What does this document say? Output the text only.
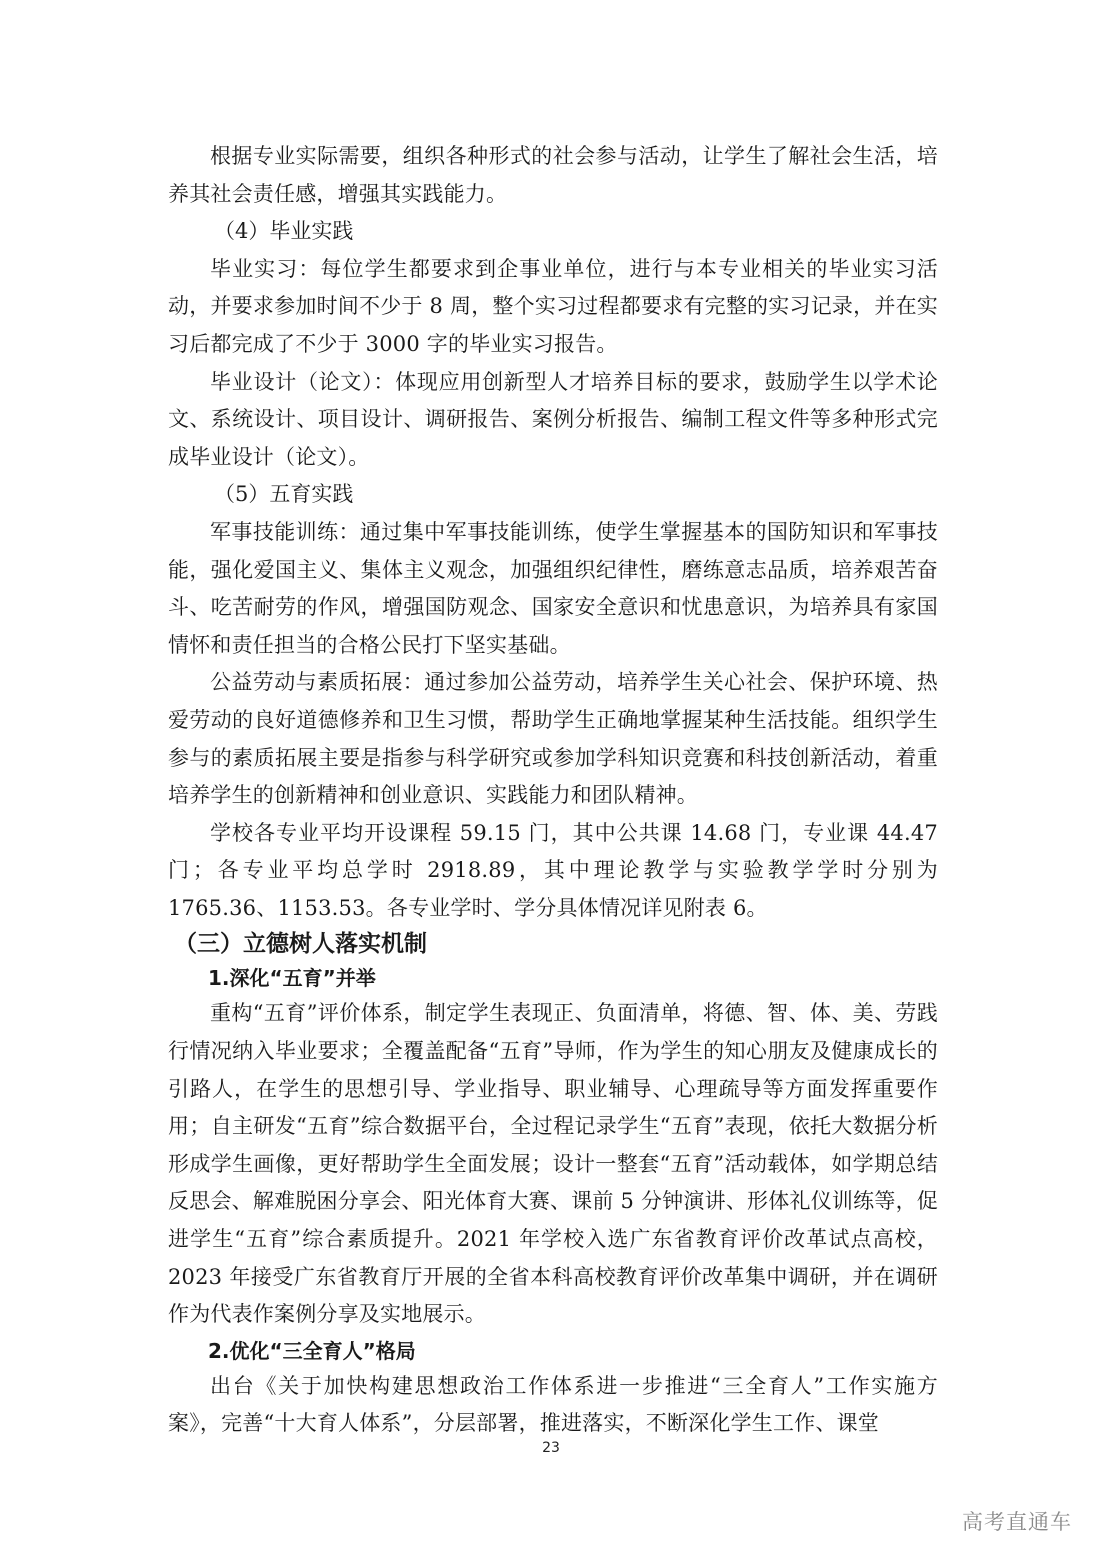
根据专业实际需要，组织各种形式的社会参与活动，让学生了解社会生活，培养其社会责任感，增强其实践能力。

（4）毕业实践

毕业实习：每位学生都要求到企事业单位，进行与本专业相关的毕业实习活动，并要求参加时间不少于 8 周，整个实习过程都要求有完整的实习记录，并在实习后都完成了不少于 3000 字的毕业实习报告。

毕业设计（论文）：体现应用创新型人才培养目标的要求，鼓励学生以学术论文、系统设计、项目设计、调研报告、案例分析报告、编制工程文件等多种形式完成毕业设计（论文）。

（5）五育实践

军事技能训练：通过集中军事技能训练，使学生掌握基本的国防知识和军事技能，强化爱国主义、集体主义观念，加强组织纪律性，磨练意志品质，培养艰苦奋斗、吃苦耐劳的作风，增强国防观念、国家安全意识和忧患意识，为培养具有家国情怀和责任担当的合格公民打下坚实基础。

公益劳动与素质拓展：通过参加公益劳动，培养学生关心社会、保护环境、热爱劳动的良好道德修养和卫生习惯，帮助学生正确地掌握某种生活技能。组织学生参与的素质拓展主要是指参与科学研究或参加学科知识竞赛和科技创新活动，着重培养学生的创新精神和创业意识、实践能力和团队精神。

学校各专业平均开设课程 59.15 门，其中公共课 14.68 门，专业课 44.47 门；各专业平均总学时 2918.89，其中理论教学与实验教学学时分别为 1765.36、1153.53。各专业学时、学分具体情况详见附表 6。

（三）立德树人落实机制

1.深化“五育”并举

重构“五育”评价体系，制定学生表现正、负面清单，将德、智、体、美、劳践行情况纳入毕业要求；全覆盖配备“五育”导师，作为学生的知心朋友及健康成长的引路人，在学生的思想引导、学业指导、职业辅导、心理疏导等方面发挥重要作用；自主研发“五育”综合数据平台，全过程记录学生“五育”表现，依托大数据分析形成学生画像，更好帮助学生全面发展；设计一整套“五育”活动载体，如学期总结反思会、解难脱困分享会、阳光体育大赛、课前 5 分钟演讲、形体礼仪训练等，促进学生“五育”综合素质提升。2021 年学校入选广东省教育评价改革试点高校，2023 年接受广东省教育厅开展的全省本科高校教育评价改革集中调研，并在调研作为代表作案例分享及实地展示。

2.优化“三全育人”格局

出台《关于加快构建思想政治工作体系进一步推进“三全育人”工作实施方案》，完善“十大育人体系”，分层部署，推进落实，不断深化学生工作、课堂

23
高考直通车
